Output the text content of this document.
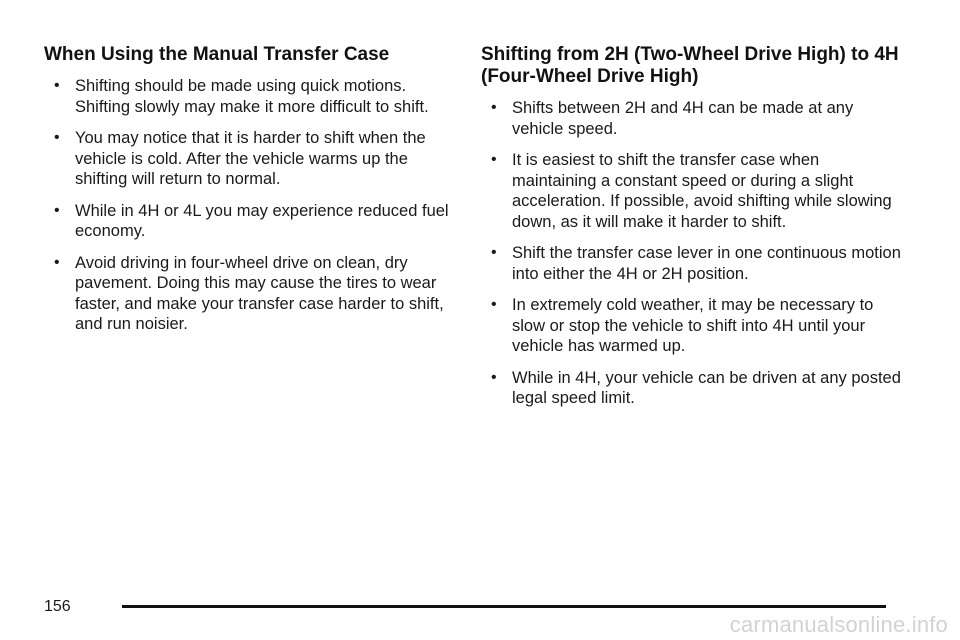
When Using the Manual Transfer Case
• Shifting should be made using quick motions. Shifting slowly may make it more difficult to shift.
• You may notice that it is harder to shift when the vehicle is cold. After the vehicle warms up the shifting will return to normal.
• While in 4H or 4L you may experience reduced fuel economy.
• Avoid driving in four-wheel drive on clean, dry pavement. Doing this may cause the tires to wear faster, and make your transfer case harder to shift, and run noisier.
Shifting from 2H (Two-Wheel Drive High) to 4H (Four-Wheel Drive High)
• Shifts between 2H and 4H can be made at any vehicle speed.
• It is easiest to shift the transfer case when maintaining a constant speed or during a slight acceleration. If possible, avoid shifting while slowing down, as it will make it harder to shift.
• Shift the transfer case lever in one continuous motion into either the 4H or 2H position.
• In extremely cold weather, it may be necessary to slow or stop the vehicle to shift into 4H until your vehicle has warmed up.
• While in 4H, your vehicle can be driven at any posted legal speed limit.
156
carmanualsonline.info
